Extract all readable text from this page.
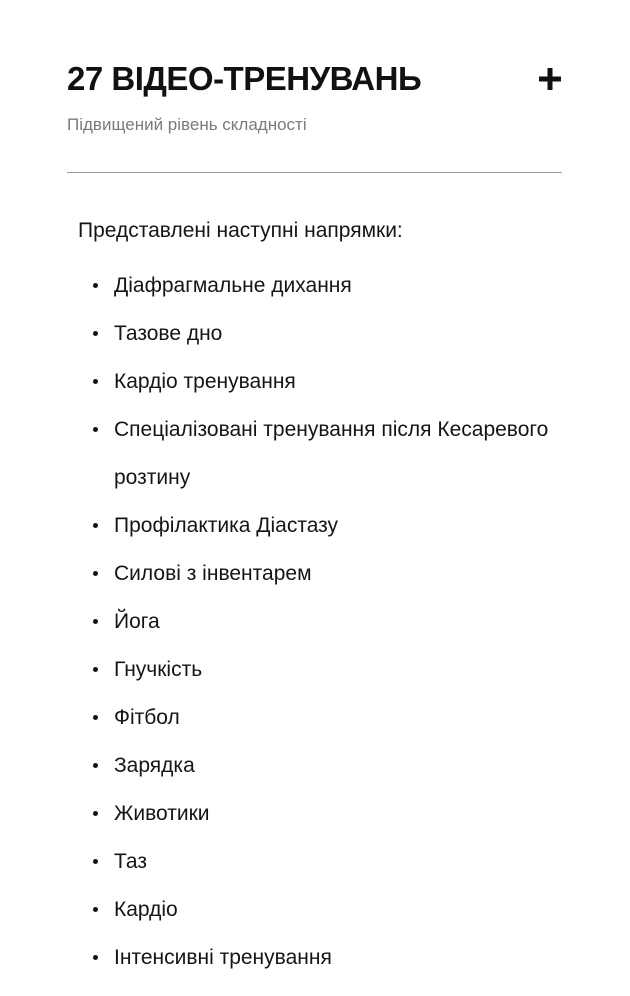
27 ВІДЕО-ТРЕНУВАНЬ
Підвищений рівень складності
Представлені наступні напрямки:
Діафрагмальне дихання
Тазове дно
Кардіо тренування
Спеціалізовані тренування після Кесаревого розтину
Профілактика Діастазу
Силові з інвентарем
Йога
Гнучкість
Фітбол
Зарядка
Животики
Таз
Кардіо
Інтенсивні тренування
